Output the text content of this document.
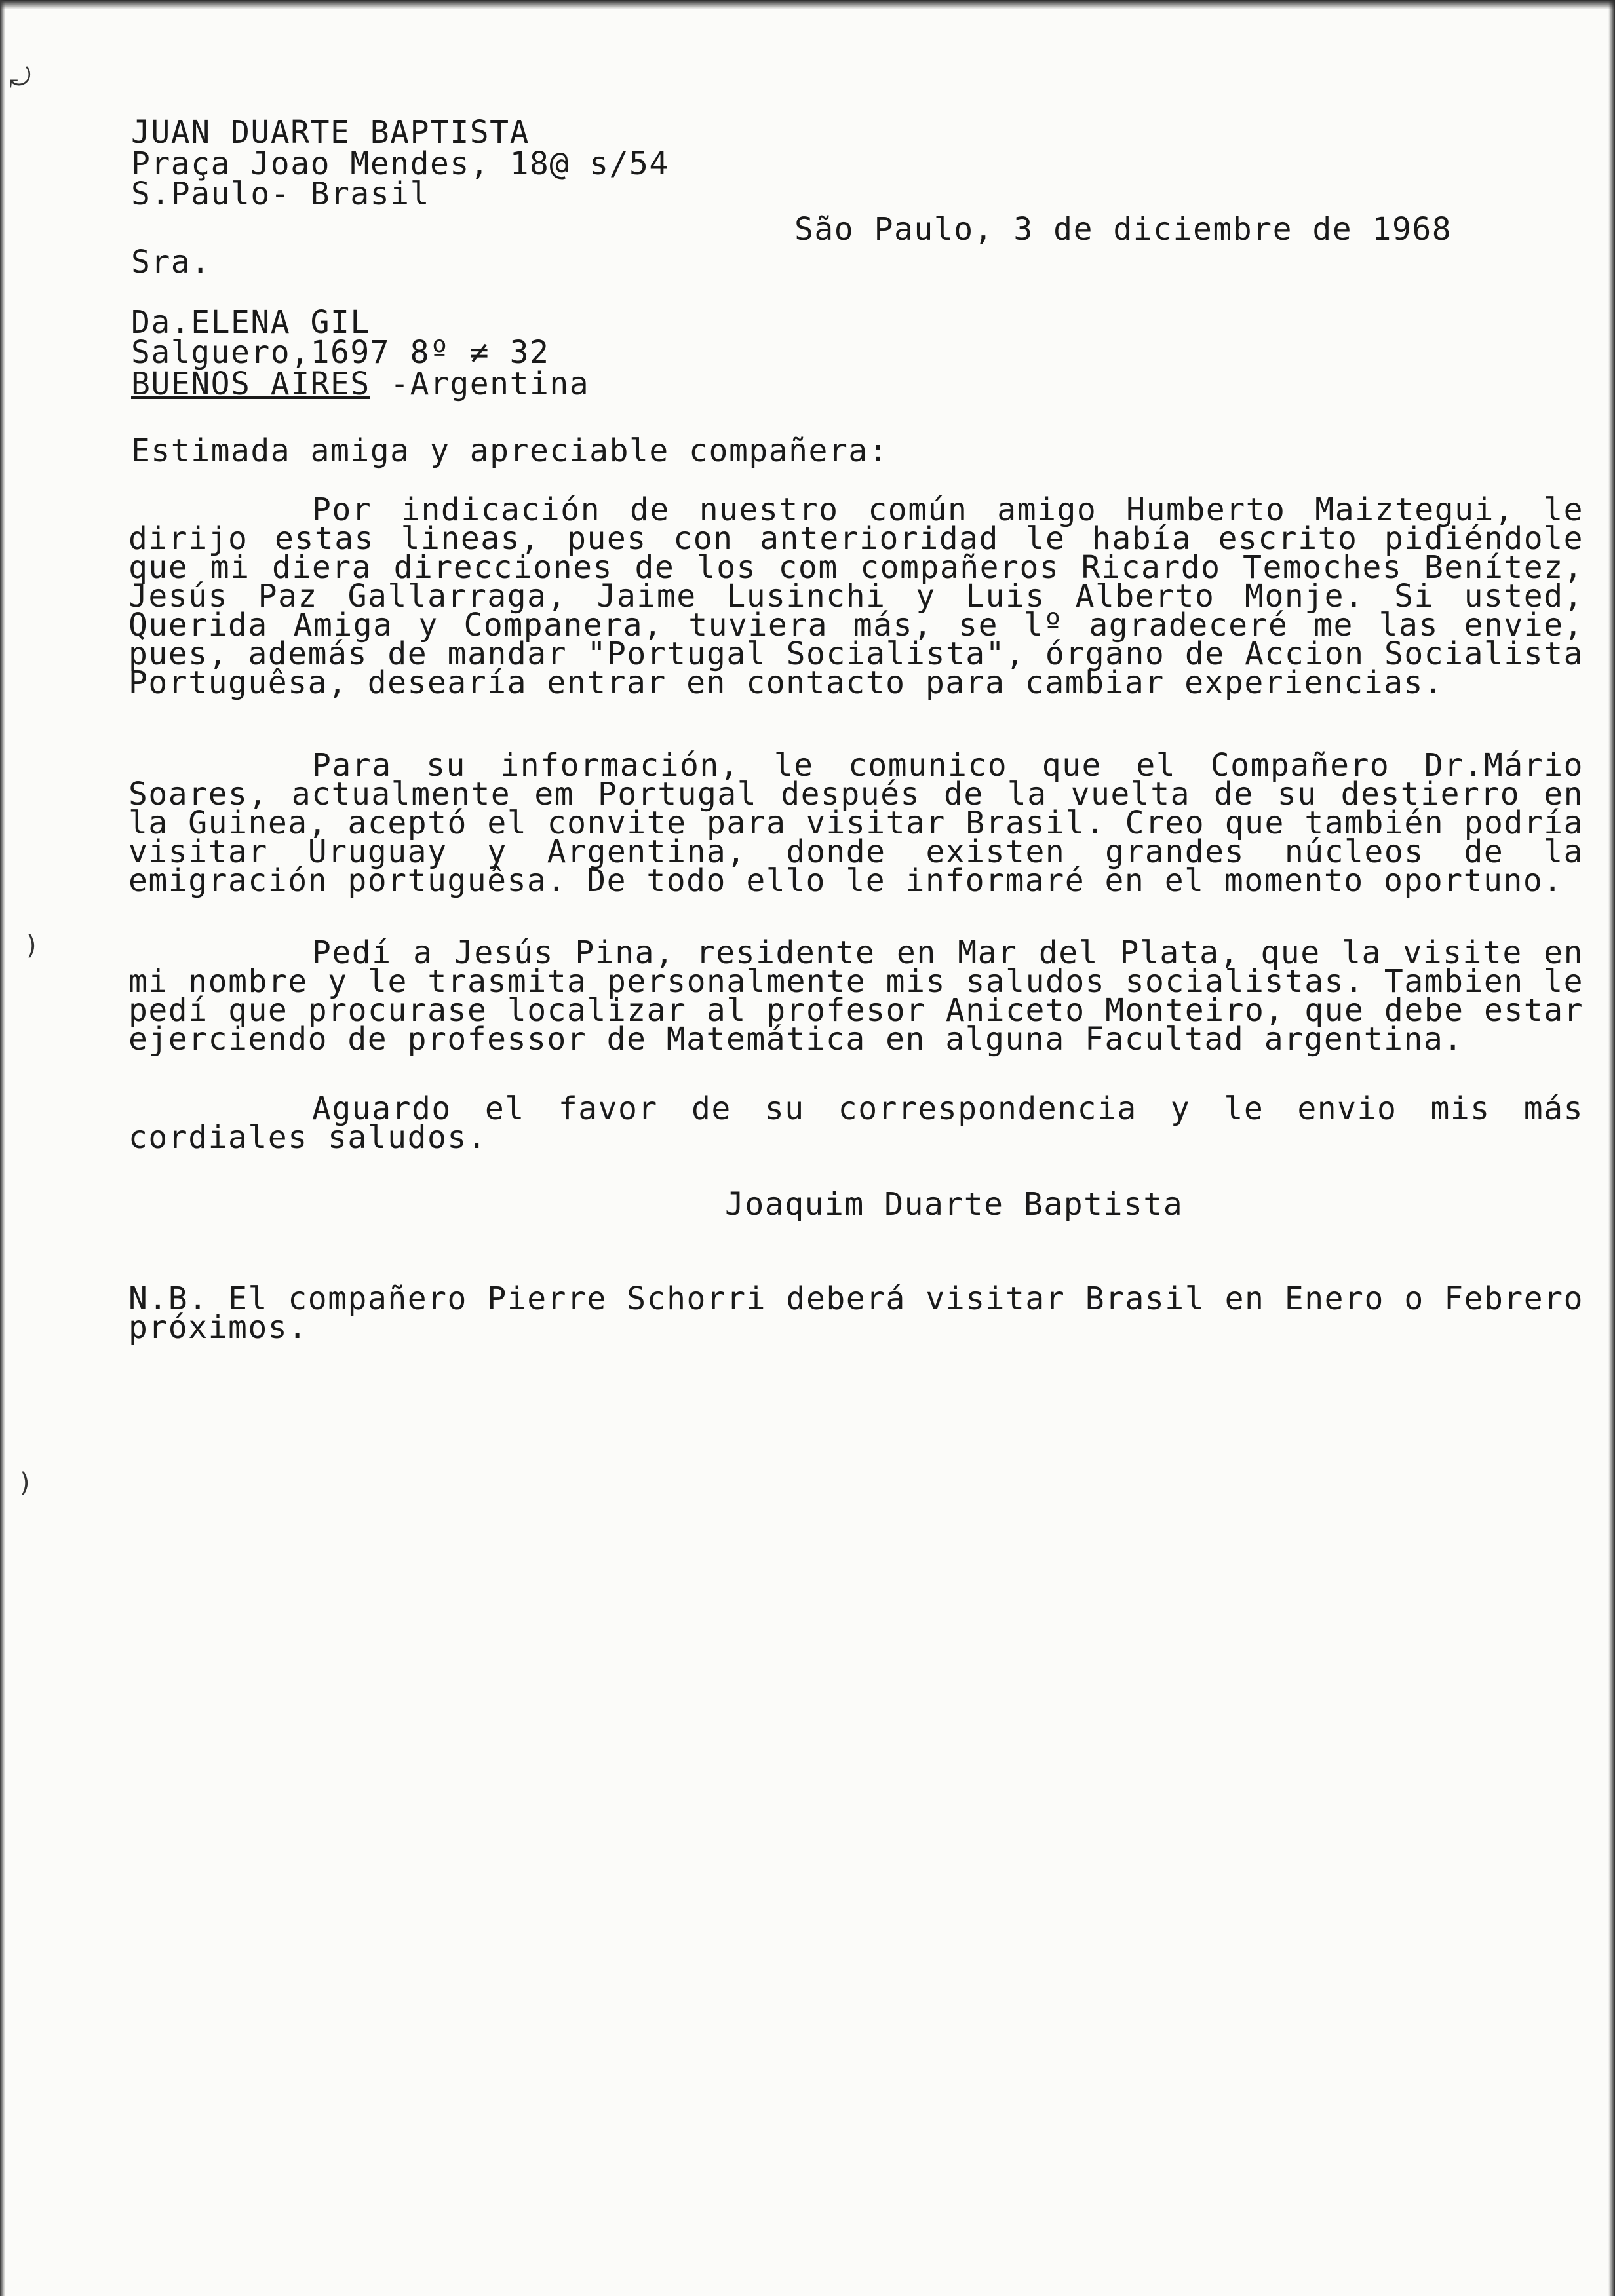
⤾
)
)
JUAN DUARTE BAPTISTA
Praça Joao Mendes, 18@ s/54
S.Paulo- Brasil
São Paulo, 3 de diciembre de 1968
Sra.
Da.ELENA GIL
Salguero,1697 8º ≠ 32
BUENOS AIRES -Argentina
Estimada amiga y apreciable compañera:

Por indicación de nuestro común amigo Humberto Maiztegui, le dirijo estas lineas, pues con anterioridad le había escrito pidiéndole que mi diera direcciones de los com compañeros Ricardo Temoches Benítez, Jesús Paz Gallarraga, Jaime Lusinchi y Luis Alberto Monje. Si usted, Querida Amiga y Companera, tuviera más, se lº agradeceré me las envie, pues, además de mandar "Portugal Socialista", órgano de Accion Socialista Portuguêsa, desearía entrar en contacto para cambiar experiencias.

Para su información, le comunico que el Compañero Dr.Mário Soares, actualmente em Portugal después de la vuelta de su destierro en la Guinea, aceptó el convite para visitar Brasil. Creo que también podría visitar Uruguay y Argentina, donde existen grandes núcleos de la emigración portuguêsa. De todo ello le informaré en el momento oportuno.

Pedí a Jesús Pina, residente en Mar del Plata, que la visite en mi nombre y le trasmita personalmente mis saludos socialistas. Tambien le pedí que procurase localizar al profesor Aniceto Monteiro, que debe estar ejerciendo de professor de Matemática en alguna Facultad argentina.

Aguardo el favor de su correspondencia y le envio mis más cordiales saludos.

Joaquim Duarte Baptista

N.B. El compañero Pierre Schorri deberá visitar Brasil en Enero o Febrero próximos.
